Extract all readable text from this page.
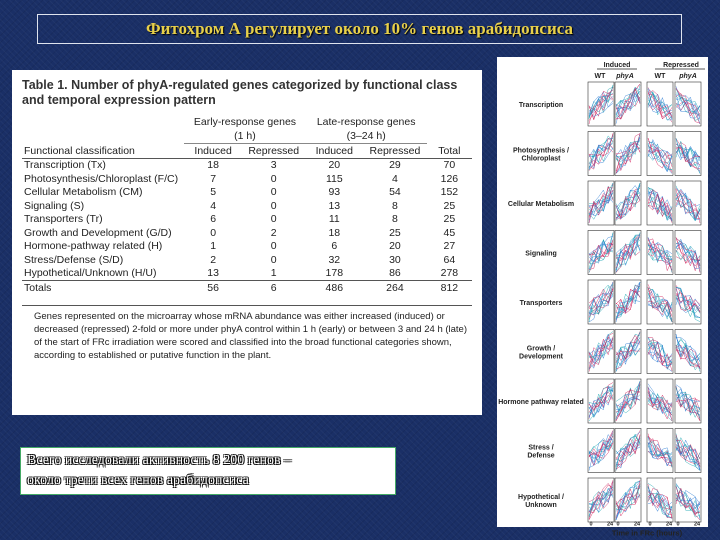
Фитохром А регулирует около 10% генов арабидопсиса
Table 1. Number of phyA-regulated genes categorized by functional class and temporal expression pattern
	Early-response genes		Late-response genes		
	(1 h)		(3–24 h)		
Functional classification	Induced	Repressed	Induced	Repressed	Total
Transcription (Tx)	18	3	20	29	70
Photosynthesis/Chloroplast (F/C)	7	0	115	4	126
Cellular Metabolism (CM)	5	0	93	54	152
Signaling (S)	4	0	13	8	25
Transporters (Tr)	6	0	11	8	25
Growth and Development (G/D)	0	2	18	25	45
Hormone-pathway related (H)	1	0	6	20	27
Stress/Defense (S/D)	2	0	32	30	64
Hypothetical/Unknown (H/U)	13	1	178	86	278
Totals	56	6	486	264	812
Genes represented on the microarray whose mRNA abundance was either increased (induced) or decreased (repressed) 2-fold or more under phyA control within 1 h (early) or between 3 and 24 h (late) of the start of FRc irradiation were scored and classified into the broad functional categories shown, according to established or putative function in the plant.
Induced	Repressed
WT phyA	WT phyA
Transcription
Photosynthesis / Chloroplast
Cellular Metabolism
Signaling
Transporters
Growth / Development
Hormone pathway related
Stress / Defense
Hypothetical / Unknown
0	24 0	24 0	24 0	24
Time in FRc (hours)
Всего исследовали активность 8 200 генов –
около трети всех генов арабидопсиса
